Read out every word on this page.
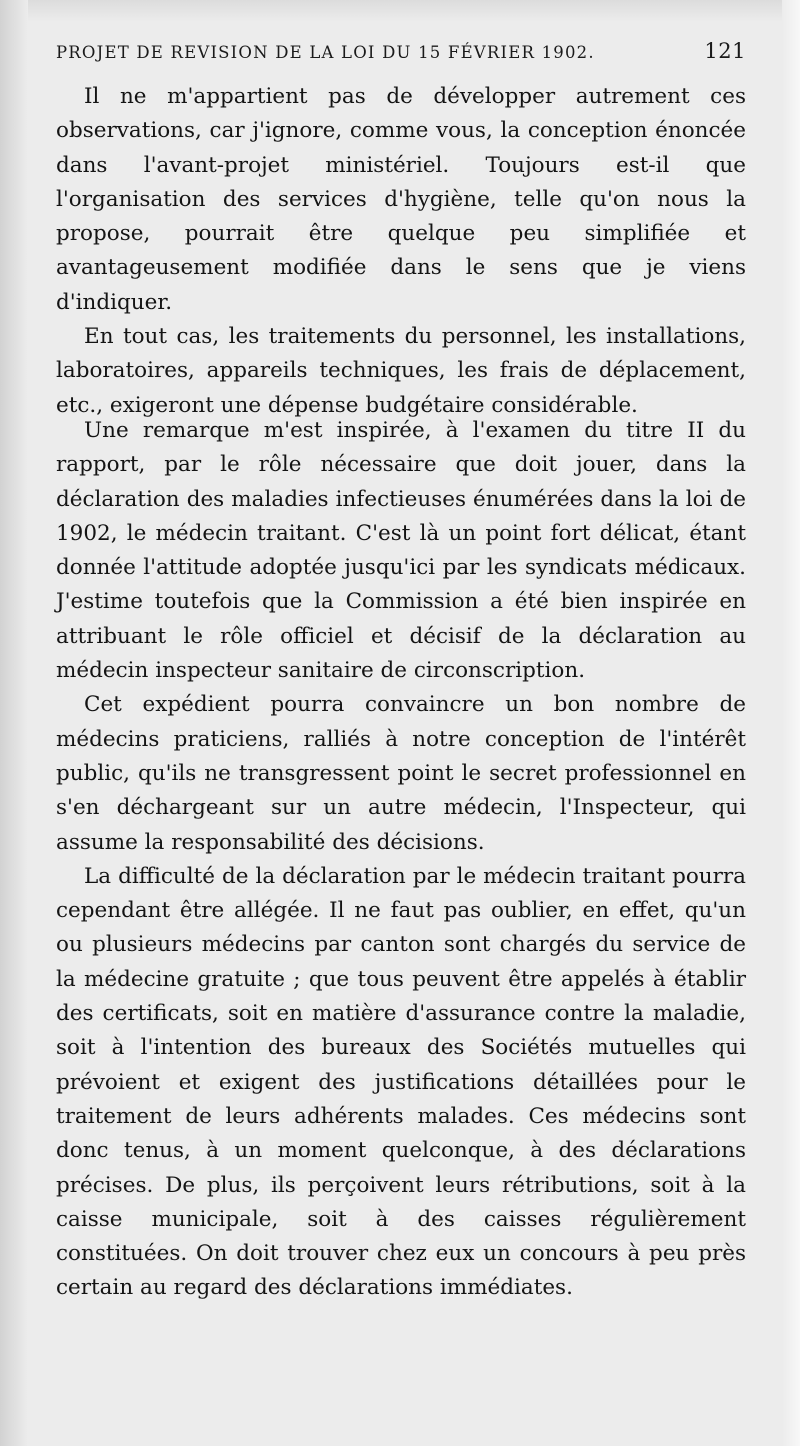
PROJET DE REVISION DE LA LOI DU 15 FÉVRIER 1902.	121

Il ne m'appartient pas de développer autrement ces observations, car j'ignore, comme vous, la conception énoncée dans l'avant-projet ministériel. Toujours est-il que l'organisation des services d'hygiène, telle qu'on nous la propose, pourrait être quelque peu simplifiée et avantageusement modifiée dans le sens que je viens d'indiquer.

En tout cas, les traitements du personnel, les installations, laboratoires, appareils techniques, les frais de déplacement, etc., exigeront une dépense budgétaire considérable.

Une remarque m'est inspirée, à l'examen du titre II du rapport, par le rôle nécessaire que doit jouer, dans la déclaration des maladies infectieuses énumérées dans la loi de 1902, le médecin traitant. C'est là un point fort délicat, étant donnée l'attitude adoptée jusqu'ici par les syndicats médicaux. J'estime toutefois que la Commission a été bien inspirée en attribuant le rôle officiel et décisif de la déclaration au médecin inspecteur sanitaire de circonscription.

Cet expédient pourra convaincre un bon nombre de médecins praticiens, ralliés à notre conception de l'intérêt public, qu'ils ne transgressent point le secret professionnel en s'en déchargeant sur un autre médecin, l'Inspecteur, qui assume la responsabilité des décisions.

La difficulté de la déclaration par le médecin traitant pourra cependant être allégée. Il ne faut pas oublier, en effet, qu'un ou plusieurs médecins par canton sont chargés du service de la médecine gratuite ; que tous peuvent être appelés à établir des certificats, soit en matière d'assurance contre la maladie, soit à l'intention des bureaux des Sociétés mutuelles qui prévoient et exigent des justifications détaillées pour le traitement de leurs adhérents malades. Ces médecins sont donc tenus, à un moment quelconque, à des déclarations précises. De plus, ils perçoivent leurs rétributions, soit à la caisse municipale, soit à des caisses régulièrement constituées. On doit trouver chez eux un concours à peu près certain au regard des déclarations immédiates.
